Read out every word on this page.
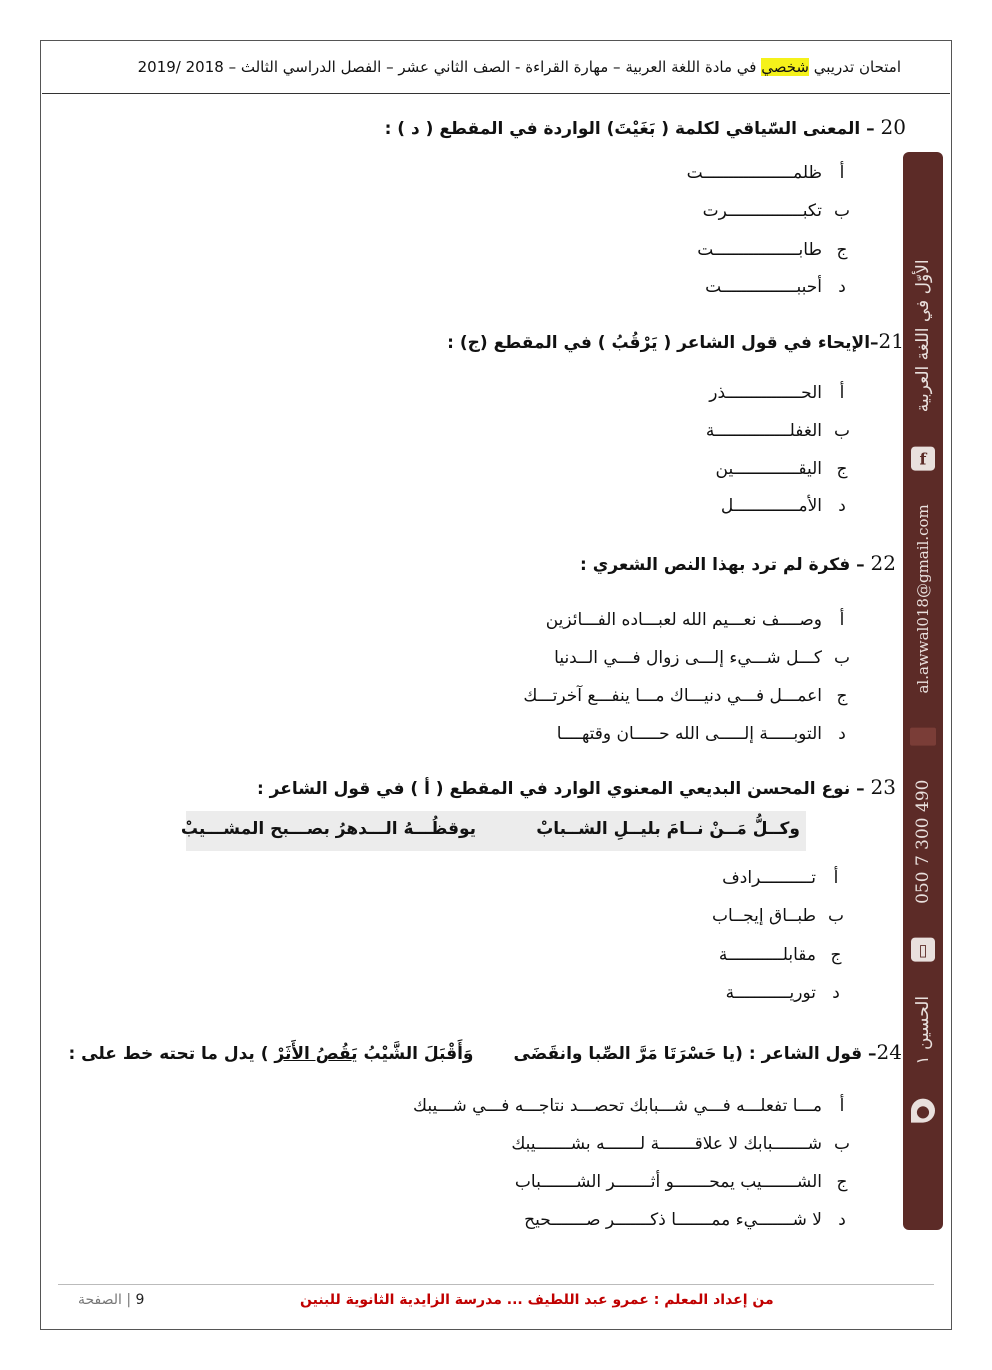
امتحان تدريبي شخصي في مادة اللغة العربية – مهارة القراءة - الصف الثاني عشر – الفصل الدراسي الثالث – 2018 /2019
●
الحسين ١
▯
050 7 300 490
al.awwal018@gmail.com
f
الأوّل في اللغة العربية
20 – المعنى السّياقي لكلمة ( بَغَيْتَ) الواردة في المقطع ( د ) :
أ
ظلمــــــــــــــــــت
ب
تكبـــــــــــــــرت
ج
طابـــــــــــــــــت
د
أحببـــــــــــــــت
21–الإيحاء في قول الشاعر ( يَرْقُبُ ) في المقطع (ج) :
أ
الحـــــــــــــــذر
ب
الغفلـــــــــــــــة
ج
اليقـــــــــــــين
د
الأمـــــــــــــل
22 – فكرة لم ترد بهذا النص الشعري :
أ
وصــــف نعـــيم الله لعبـــاده الفـــائزين
ب
كـــل شـــيء إلـــى زوال فـــي الــدنيا
ج
اعمـــل فـــي دنيـــاك مـــا ينفـــع آخرتـــك
د
التوبـــــة إلـــــى الله حـــــان وقتهــــا
23 – نوع المحسن البديعي المعنوي الوارد في المقطع ( أ ) في قول الشاعر :
وكــلُّ مَــنْ نــامَ بليــلِ الشــبابْ
يوقظُـــهُ الـــدهرُ بصـــبح المشـــيبْ
أ
تــــــــــرادف
ب
طبــاق إيجــاب
ج
مقابلـــــــــــة
د
توريـــــــــــة
24– قول الشاعر : (يا حَسْرَتَا مَرَّ الصِّبا وانقَضَىوَأَقْبَلَ الشَّيْبُ يَقُصُ الأَثَرْ ) يدل ما تحته خط على :
أ
مـــا تفعلـــه فـــي شـــبابك تحصـــد نتاجـــه فـــي شـــيبك
ب
شـــــــبابك لا علاقـــــــة لـــــــه بشـــــــيبك
ج
الشـــــــيب يمحـــــــو أثـــــــر الشـــــــباب
د
لا شـــــــيء ممـــــــا ذكـــــــر صـــــــحيح
من إعداد المعلم : عمرو عبد اللطيف ... مدرسة الزايدية الثانوية للبنين
9 | الصفحة
